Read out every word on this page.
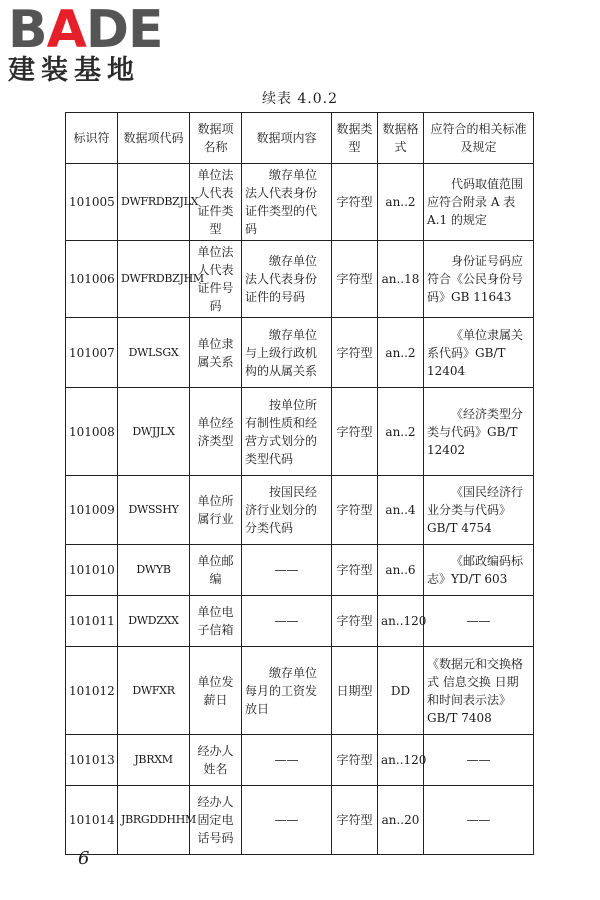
BADE
建装基地
续表 4.0.2
标识符	数据项代码	数据项名称	数据项内容	数据类型	数据格式	应符合的相关标准及规定
101005	DWFRDBZJLX	单位法人代表证件类型	缴存单位法人代表身份证件类型的代码	字符型	an..2	代码取值范围应符合附录 A 表 A.1 的规定
101006	DWFRDBZJHM	单位法人代表证件号码	缴存单位法人代表身份证件的号码	字符型	an..18	身份证号码应符合《公民身份号码》GB 11643
101007	DWLSGX	单位隶属关系	缴存单位与上级行政机构的从属关系	字符型	an..2	《单位隶属关系代码》GB/T 12404
101008	DWJJLX	单位经济类型	按单位所有制性质和经营方式划分的类型代码	字符型	an..2	《经济类型分类与代码》GB/T 12402
101009	DWSSHY	单位所属行业	按国民经济行业划分的分类代码	字符型	an..4	《国民经济行业分类与代码》GB/T 4754
101010	DWYB	单位邮编	——	字符型	an..6	《邮政编码标志》YD/T 603
101011	DWDZXX	单位电子信箱	——	字符型	an..120	——
101012	DWFXR	单位发薪日	缴存单位每月的工资发放日	日期型	DD	《数据元和交换格式 信息交换 日期和时间表示法》GB/T 7408
101013	JBRXM	经办人姓名	——	字符型	an..120	——
101014	JBRGDDHHM	经办人固定电话号码	——	字符型	an..20	——
6
